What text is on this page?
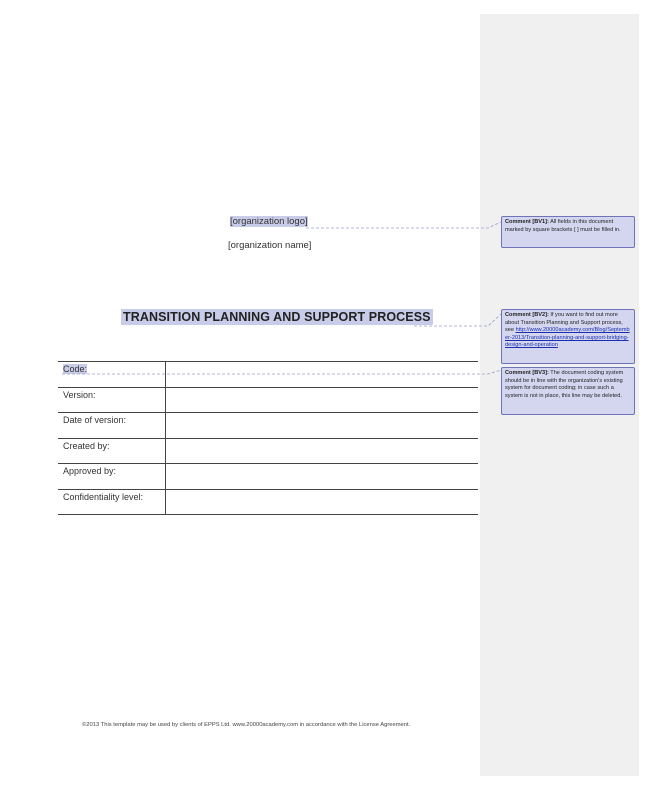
[organization logo]
[organization name]
TRANSITION PLANNING AND SUPPORT PROCESS
Code:	
Version:	
Date of version:	
Created by:	
Approved by:	
Confidentiality level:	
©2013 This template may be used by clients of EPPS Ltd. www.20000academy.com in accordance with the License Agreement.
Comment [BV1]: All fields in this document marked by square brackets [ ] must be filled in.
Comment [BV2]: If you want to find out more about Transition Planning and Support process, see http://www.20000academy.com/Blog/September-2013/Transition-planning-and-support-bridging-design-and-operation
Comment [BV3]: The document coding system should be in line with the organization's existing system for document coding; in case such a system is not in place, this line may be deleted.
